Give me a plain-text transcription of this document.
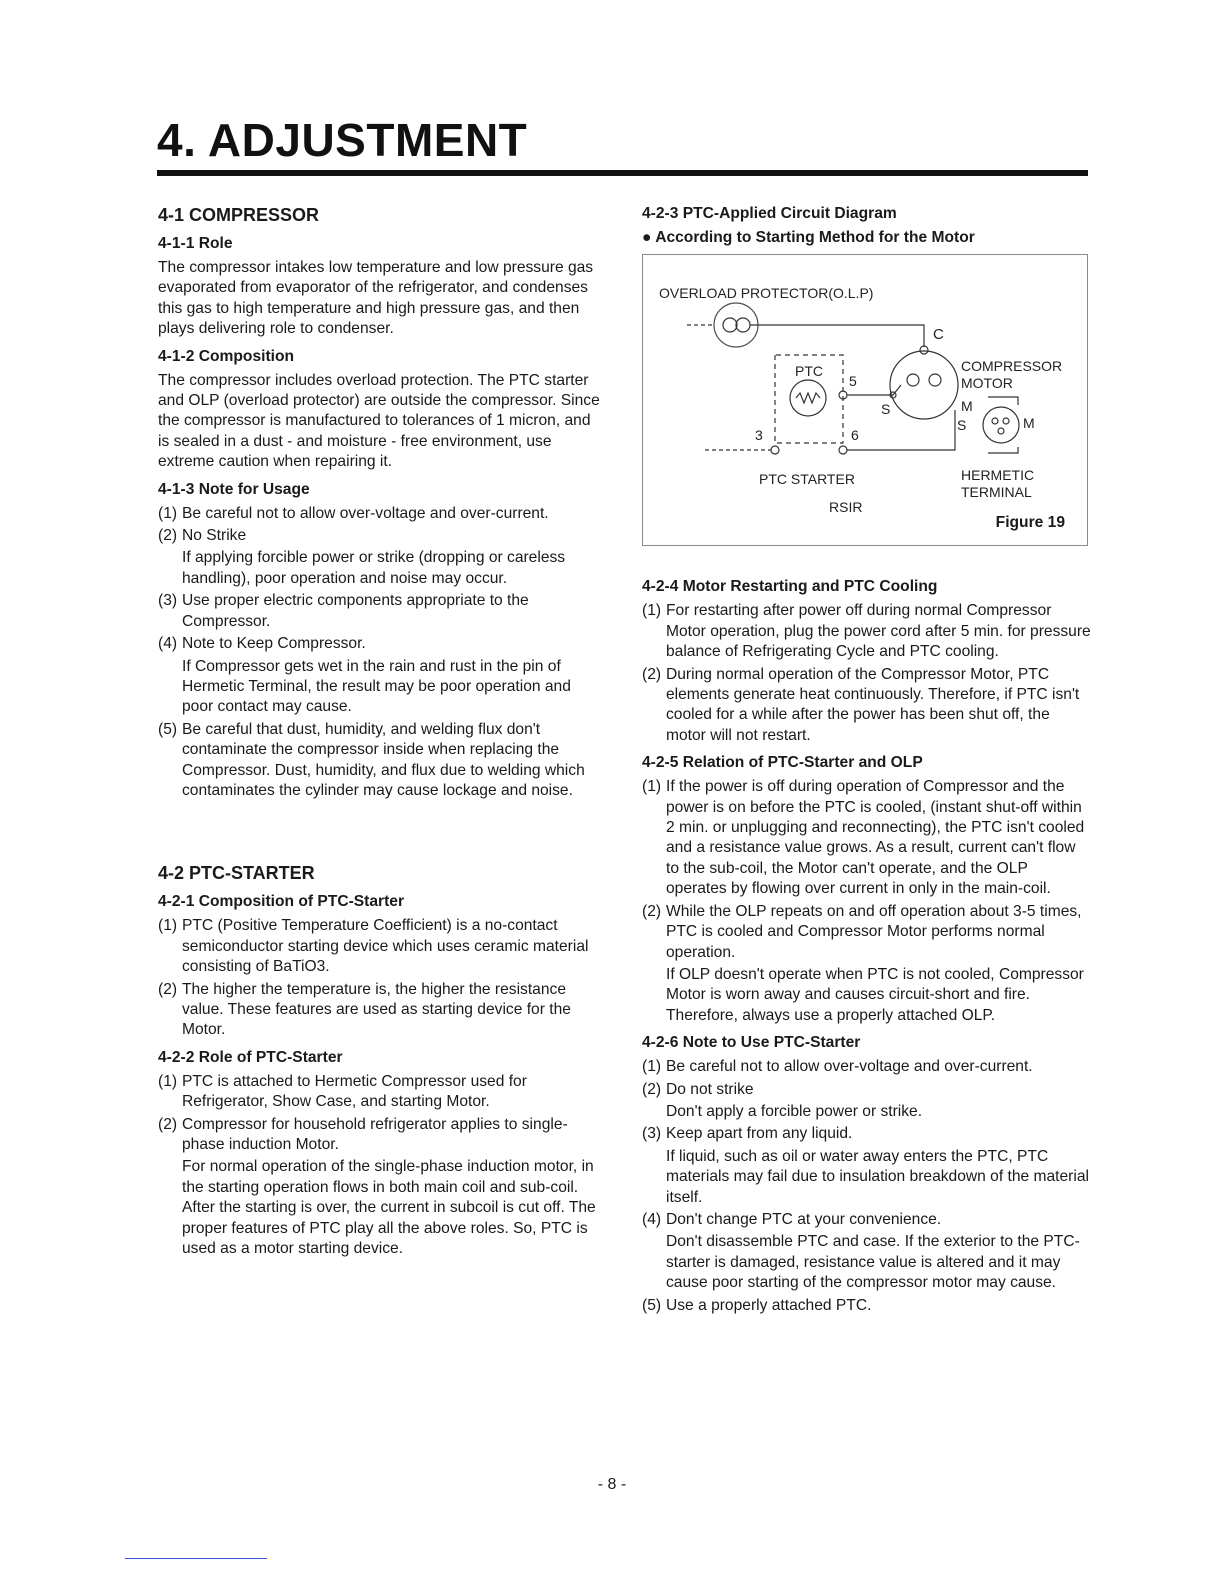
4. ADJUSTMENT
4-1 COMPRESSOR
4-1-1 Role

The compressor intakes low temperature and low pressure gas evaporated from evaporator of the refrigerator, and condenses this gas to high temperature and high pressure gas, and then plays delivering role to condenser.

4-1-2 Composition

The compressor includes overload protection. The PTC starter and OLP (overload protector) are outside the compressor. Since the compressor is manufactured to tolerances of 1 micron, and is sealed in a dust - and moisture - free environment, use extreme caution when repairing it.

4-1-3 Note for Usage
(1) Be careful not to allow over-voltage and over-current.
(2) No Strike
If applying forcible power or strike (dropping or careless handling), poor operation and noise may occur.
(3) Use proper electric components appropriate to the Compressor.
(4) Note to Keep Compressor.
If Compressor gets wet in the rain and rust in the pin of Hermetic Terminal, the result may be poor operation and poor contact may cause.
(5) Be careful that dust, humidity, and welding flux don't contaminate the compressor inside when replacing the Compressor. Dust, humidity, and flux due to welding which contaminates the cylinder may cause lockage and noise.
4-2 PTC-STARTER
4-2-1 Composition of PTC-Starter
(1) PTC (Positive Temperature Coefficient) is a no-contact semiconductor starting device which uses ceramic material consisting of BaTiO3.
(2) The higher the temperature is, the higher the resistance value. These features are used as starting device for the Motor.
4-2-2 Role of PTC-Starter
(1) PTC is attached to Hermetic Compressor used for Refrigerator, Show Case, and starting Motor.
(2) Compressor for household refrigerator applies to single-phase induction Motor.
For normal operation of the single-phase induction motor, in the starting operation flows in both main coil and sub-coil. After the starting is over, the current in subcoil is cut off. The proper features of PTC play all the above roles. So, PTC is used as a motor starting device.
4-2-3 PTC-Applied Circuit Diagram
● According to Starting Method for the Motor
OVERLOAD PROTECTOR(O.L.P)
C
COMPRESSOR
MOTOR
PTC
5
S	M
S	M
3	6
PTC STARTER
RSIR
HERMETIC
TERMINAL
Figure 19
4-2-4 Motor Restarting and PTC Cooling
(1) For restarting after power off during normal Compressor Motor operation, plug the power cord after 5 min. for pressure balance of Refrigerating Cycle and PTC cooling.
(2) During normal operation of the Compressor Motor, PTC elements generate heat continuously. Therefore, if PTC isn't cooled for a while after the power has been shut off, the motor will not restart.
4-2-5 Relation of PTC-Starter and OLP
(1) If the power is off during operation of Compressor and the power is on before the PTC is cooled, (instant shut-off within 2 min. or unplugging and reconnecting), the PTC isn't cooled and a resistance value grows. As a result, current can't flow to the sub-coil, the Motor can't operate, and the OLP operates by flowing over current in only in the main-coil.
(2) While the OLP repeats on and off operation about 3-5 times, PTC is cooled and Compressor Motor performs normal operation.
If OLP doesn't operate when PTC is not cooled, Compressor Motor is worn away and causes circuit-short and fire. Therefore, always use a properly attached OLP.
4-2-6 Note to Use PTC-Starter
(1) Be careful not to allow over-voltage and over-current.
(2) Do not strike
Don't apply a forcible power or strike.
(3) Keep apart from any liquid.
If liquid, such as oil or water away enters the PTC, PTC materials may fail due to insulation breakdown of the material itself.
(4) Don't change PTC at your convenience.
Don't disassemble PTC and case. If the exterior to the PTC-starter is damaged, resistance value is altered and it may cause poor starting of the compressor motor may cause.
(5) Use a properly attached PTC.
- 8 -
